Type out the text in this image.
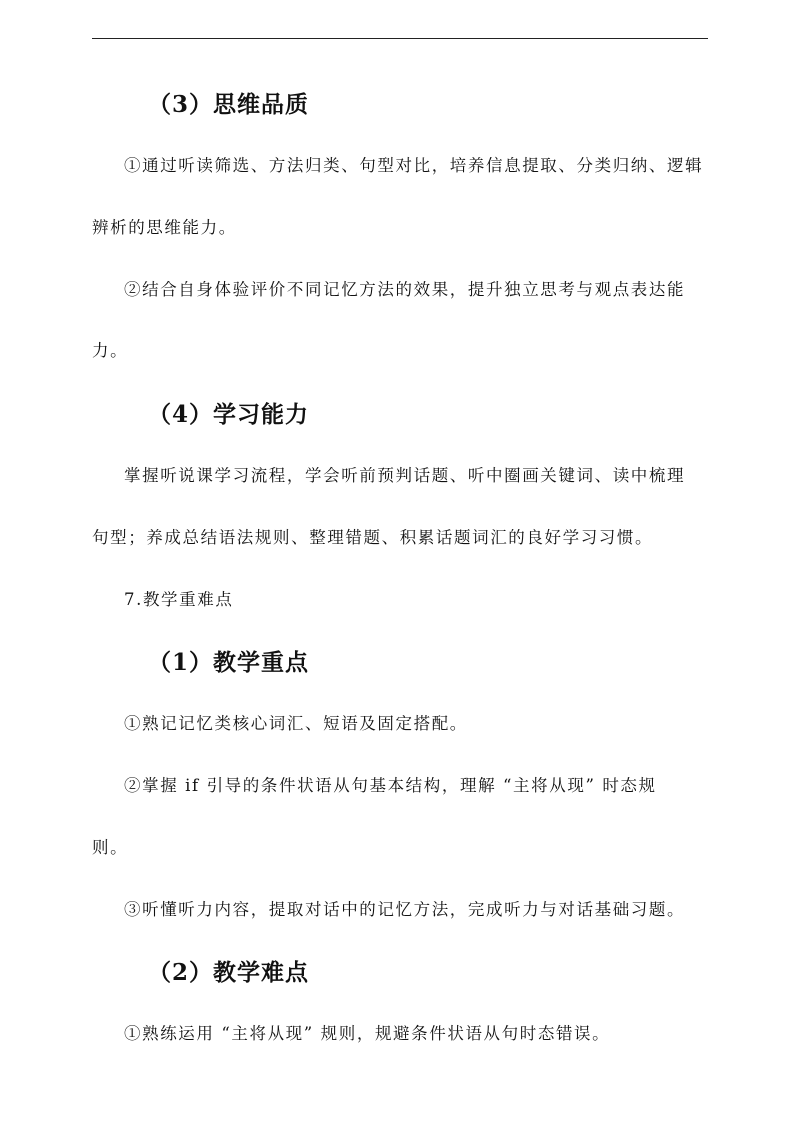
（3）思维品质
①通过听读筛选、方法归类、句型对比，培养信息提取、分类归纳、逻辑
辨析的思维能力。
②结合自身体验评价不同记忆方法的效果，提升独立思考与观点表达能
力。
（4）学习能力
掌握听说课学习流程，学会听前预判话题、听中圈画关键词、读中梳理
句型；养成总结语法规则、整理错题、积累话题词汇的良好学习习惯。
7.教学重难点
（1）教学重点
①熟记记忆类核心词汇、短语及固定搭配。
②掌握 if 引导的条件状语从句基本结构，理解 “主将从现” 时态规
则。
③听懂听力内容，提取对话中的记忆方法，完成听力与对话基础习题。
（2）教学难点
①熟练运用 “主将从现” 规则，规避条件状语从句时态错误。
